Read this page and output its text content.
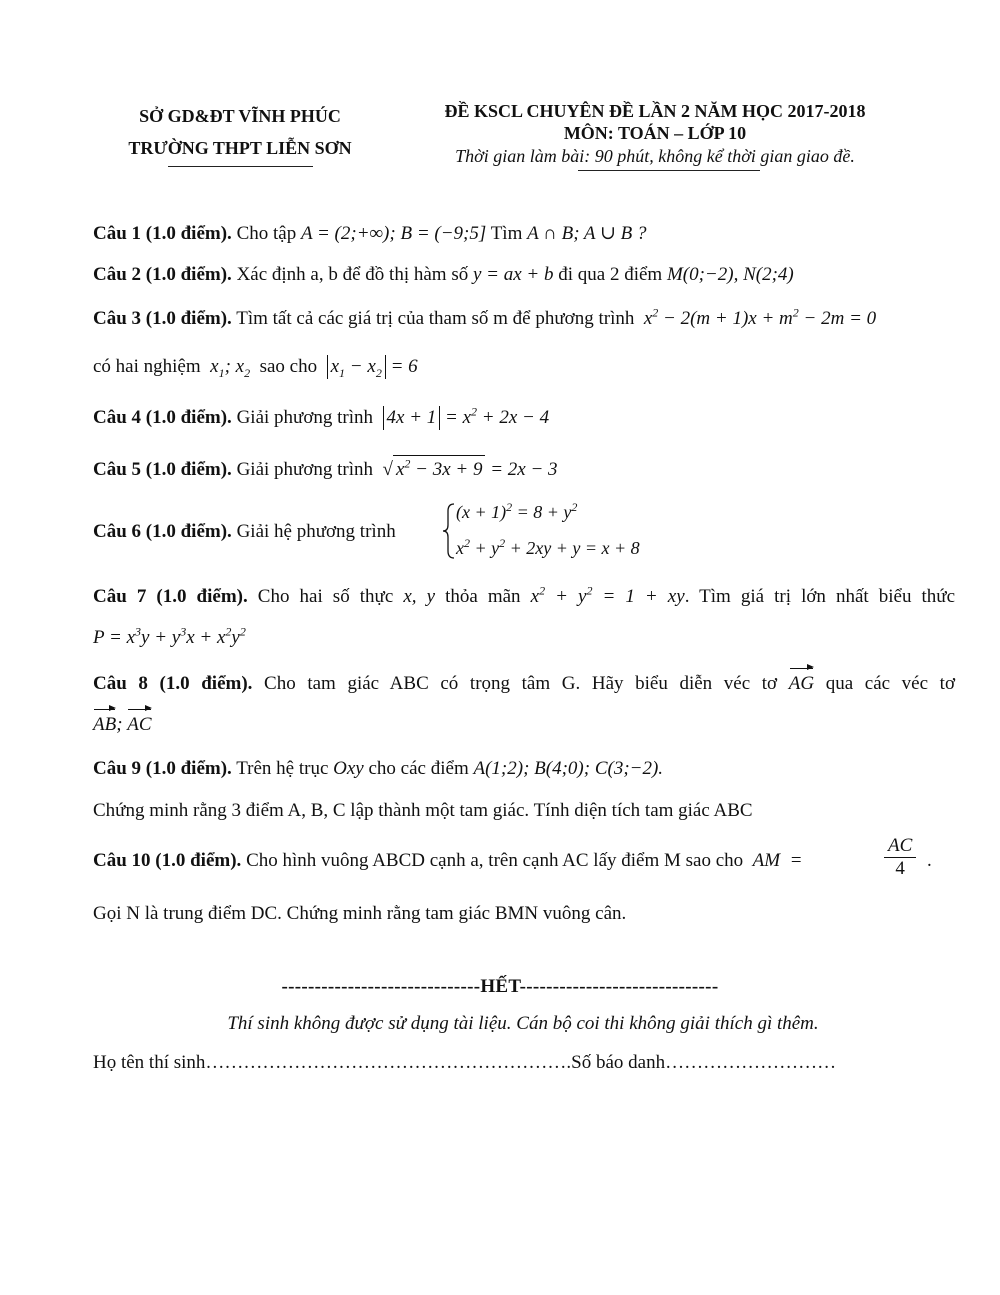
SỞ GD&ĐT VĨNH PHÚC
TRƯỜNG THPT LIỄN SƠN
ĐỀ KSCL CHUYÊN ĐỀ LẦN 2 NĂM HỌC 2017-2018
MÔN: TOÁN – LỚP 10
Thời gian làm bài: 90 phút, không kể thời gian giao đề.
Câu 1 (1.0 điểm). Cho tập A = (2;+∞); B = (−9;5] Tìm A ∩ B; A ∪ B ?
Câu 2 (1.0 điểm). Xác định a, b để đồ thị hàm số y = ax + b đi qua 2 điểm M(0;−2), N(2;4)
Câu 3 (1.0 điểm). Tìm tất cả các giá trị của tham số m để phương trình  $x^2 - 2(m + 1)x + m^2 - 2m = 0$
có hai nghiệm  $x_1$; $x_2$ sao cho $x_1 - x_2 = 6$
Câu 4 (1.0 điểm). Giải phương trình $4x + 1 = x^2 + 2x - 4$
Câu 5 (1.0 điểm). Giải phương trình √ $x^2 - 3x + 9 = 2x - 3$
Câu 6 (1.0 điểm). Giải hệ phương trình
$(x + 1)^2 = 8 + y^2$
$x^2 + y^2 + 2xy + y = x + 8$
Câu 7 (1.0 điểm). Cho hai số thực x, y thỏa mãn $x^2 + y^2 = 1$ + xy. Tìm giá trị lớn nhất biểu thức
$P = x^3y + y^3x + x^2y^2$
Câu 8 (1.0 điểm). Cho tam giác ABC có trọng tâm G. Hãy biểu diễn véc tơ AG qua các véc tơ
AB; AC
Câu 9 (1.0 điểm). Trên hệ trục Oxy cho các điểm A(1;2); B(4;0); C(3;−2).
Chứng minh rằng 3 điểm A, B, C lập thành một tam giác. Tính diện tích tam giác ABC
Câu 10 (1.0 điểm). Cho hình vuông ABCD cạnh a, trên cạnh AC lấy điểm M sao cho  AM  =	$\frac{AC}{4}$ .
Gọi N là trung điểm DC. Chứng minh rằng tam giác BMN vuông cân.
------------------------------HẾT------------------------------
Thí sinh không được sử dụng tài liệu. Cán bộ coi thi không giải thích gì thêm.
Họ tên thí sinh………………………………………………….Số báo danh………………………
